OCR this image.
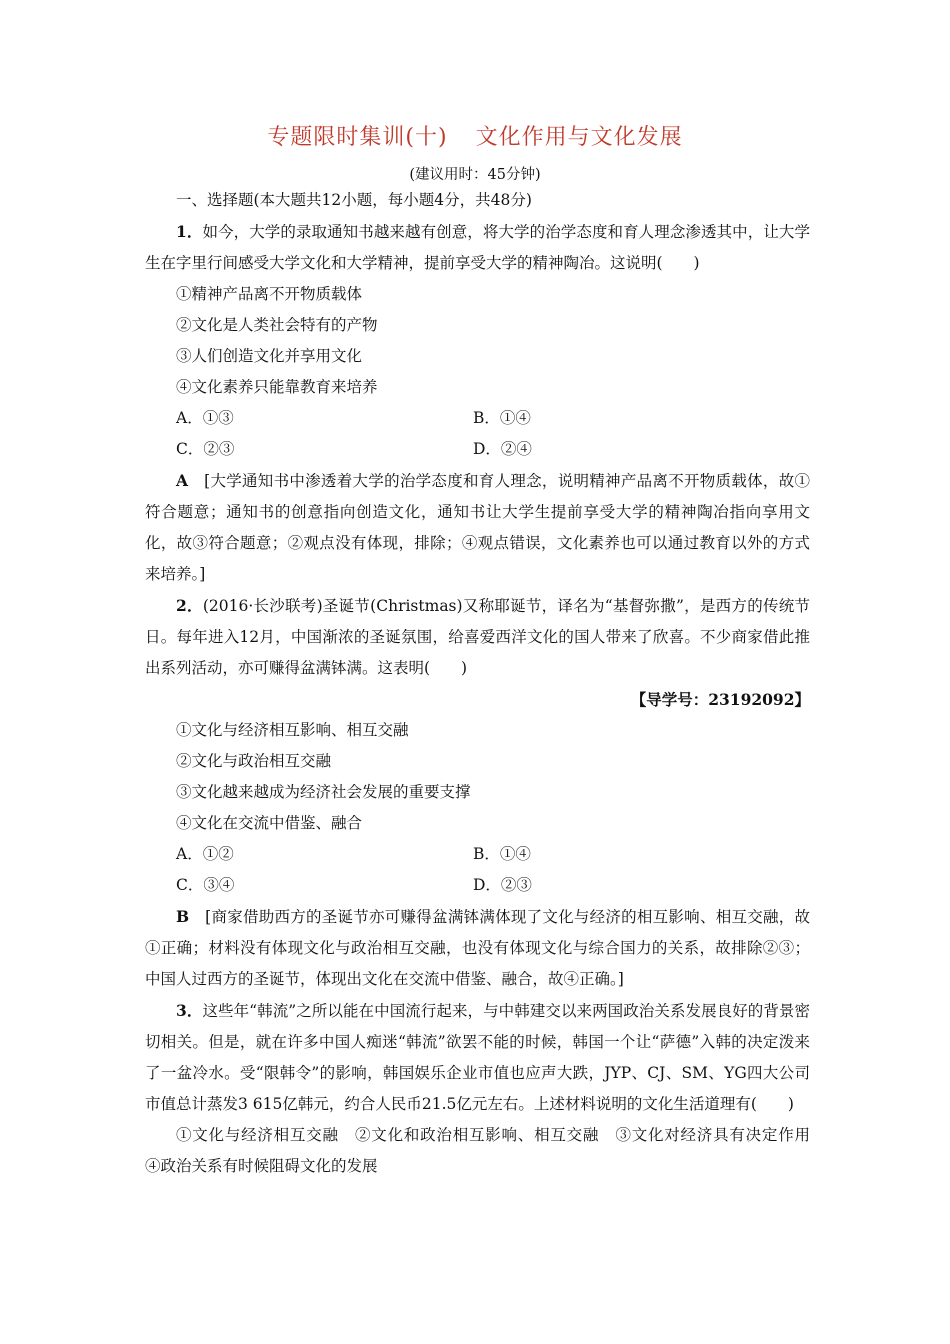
专题限时集训(十) 文化作用与文化发展
(建议用时：45分钟)

一、选择题(本大题共12小题，每小题4分，共48分)

1．如今，大学的录取通知书越来越有创意，将大学的治学态度和育人理念渗透其中，让大学生在字里行间感受大学文化和大学精神，提前享受大学的精神陶冶。这说明(　　)

①精神产品离不开物质载体

②文化是人类社会特有的产物

③人们创造文化并享用文化

④文化素养只能靠教育来培养

A．①③	B．①④
C．②③	D．②④

A　 [大学通知书中渗透着大学的治学态度和育人理念，说明精神产品离不开物质载体，故①符合题意；通知书的创意指向创造文化，通知书让大学生提前享受大学的精神陶冶指向享用文化，故③符合题意；②观点没有体现，排除；④观点错误，文化素养也可以通过教育以外的方式来培养。]

2．(2016·长沙联考)圣诞节(Christmas)又称耶诞节，译名为“基督弥撒”，是西方的传统节日。每年进入12月，中国渐浓的圣诞氛围，给喜爱西洋文化的国人带来了欣喜。不少商家借此推出系列活动，亦可赚得盆满钵满。这表明(　　)

【导学号：23192092】

①文化与经济相互影响、相互交融

②文化与政治相互交融

③文化越来越成为经济社会发展的重要支撑

④文化在交流中借鉴、融合

A．①②	B．①④
C．③④	D．②③

B　 [商家借助西方的圣诞节亦可赚得盆满钵满体现了文化与经济的相互影响、相互交融，故①正确；材料没有体现文化与政治相互交融，也没有体现文化与综合国力的关系，故排除②③；中国人过西方的圣诞节，体现出文化在交流中借鉴、融合，故④正确。]

3．这些年“韩流”之所以能在中国流行起来，与中韩建交以来两国政治关系发展良好的背景密切相关。但是，就在许多中国人痴迷“韩流”欲罢不能的时候，韩国一个让“萨德”入韩的决定泼来了一盆冷水。受“限韩令”的影响，韩国娱乐企业市值也应声大跌，JYP、CJ、SM、YG四大公司市值总计蒸发3 615亿韩元，约合人民币21.5亿元左右。上述材料说明的文化生活道理有(　　)

①文化与经济相互交融　②文化和政治相互影响、相互交融　③文化对经济具有决定作用　④政治关系有时候阻碍文化的发展
